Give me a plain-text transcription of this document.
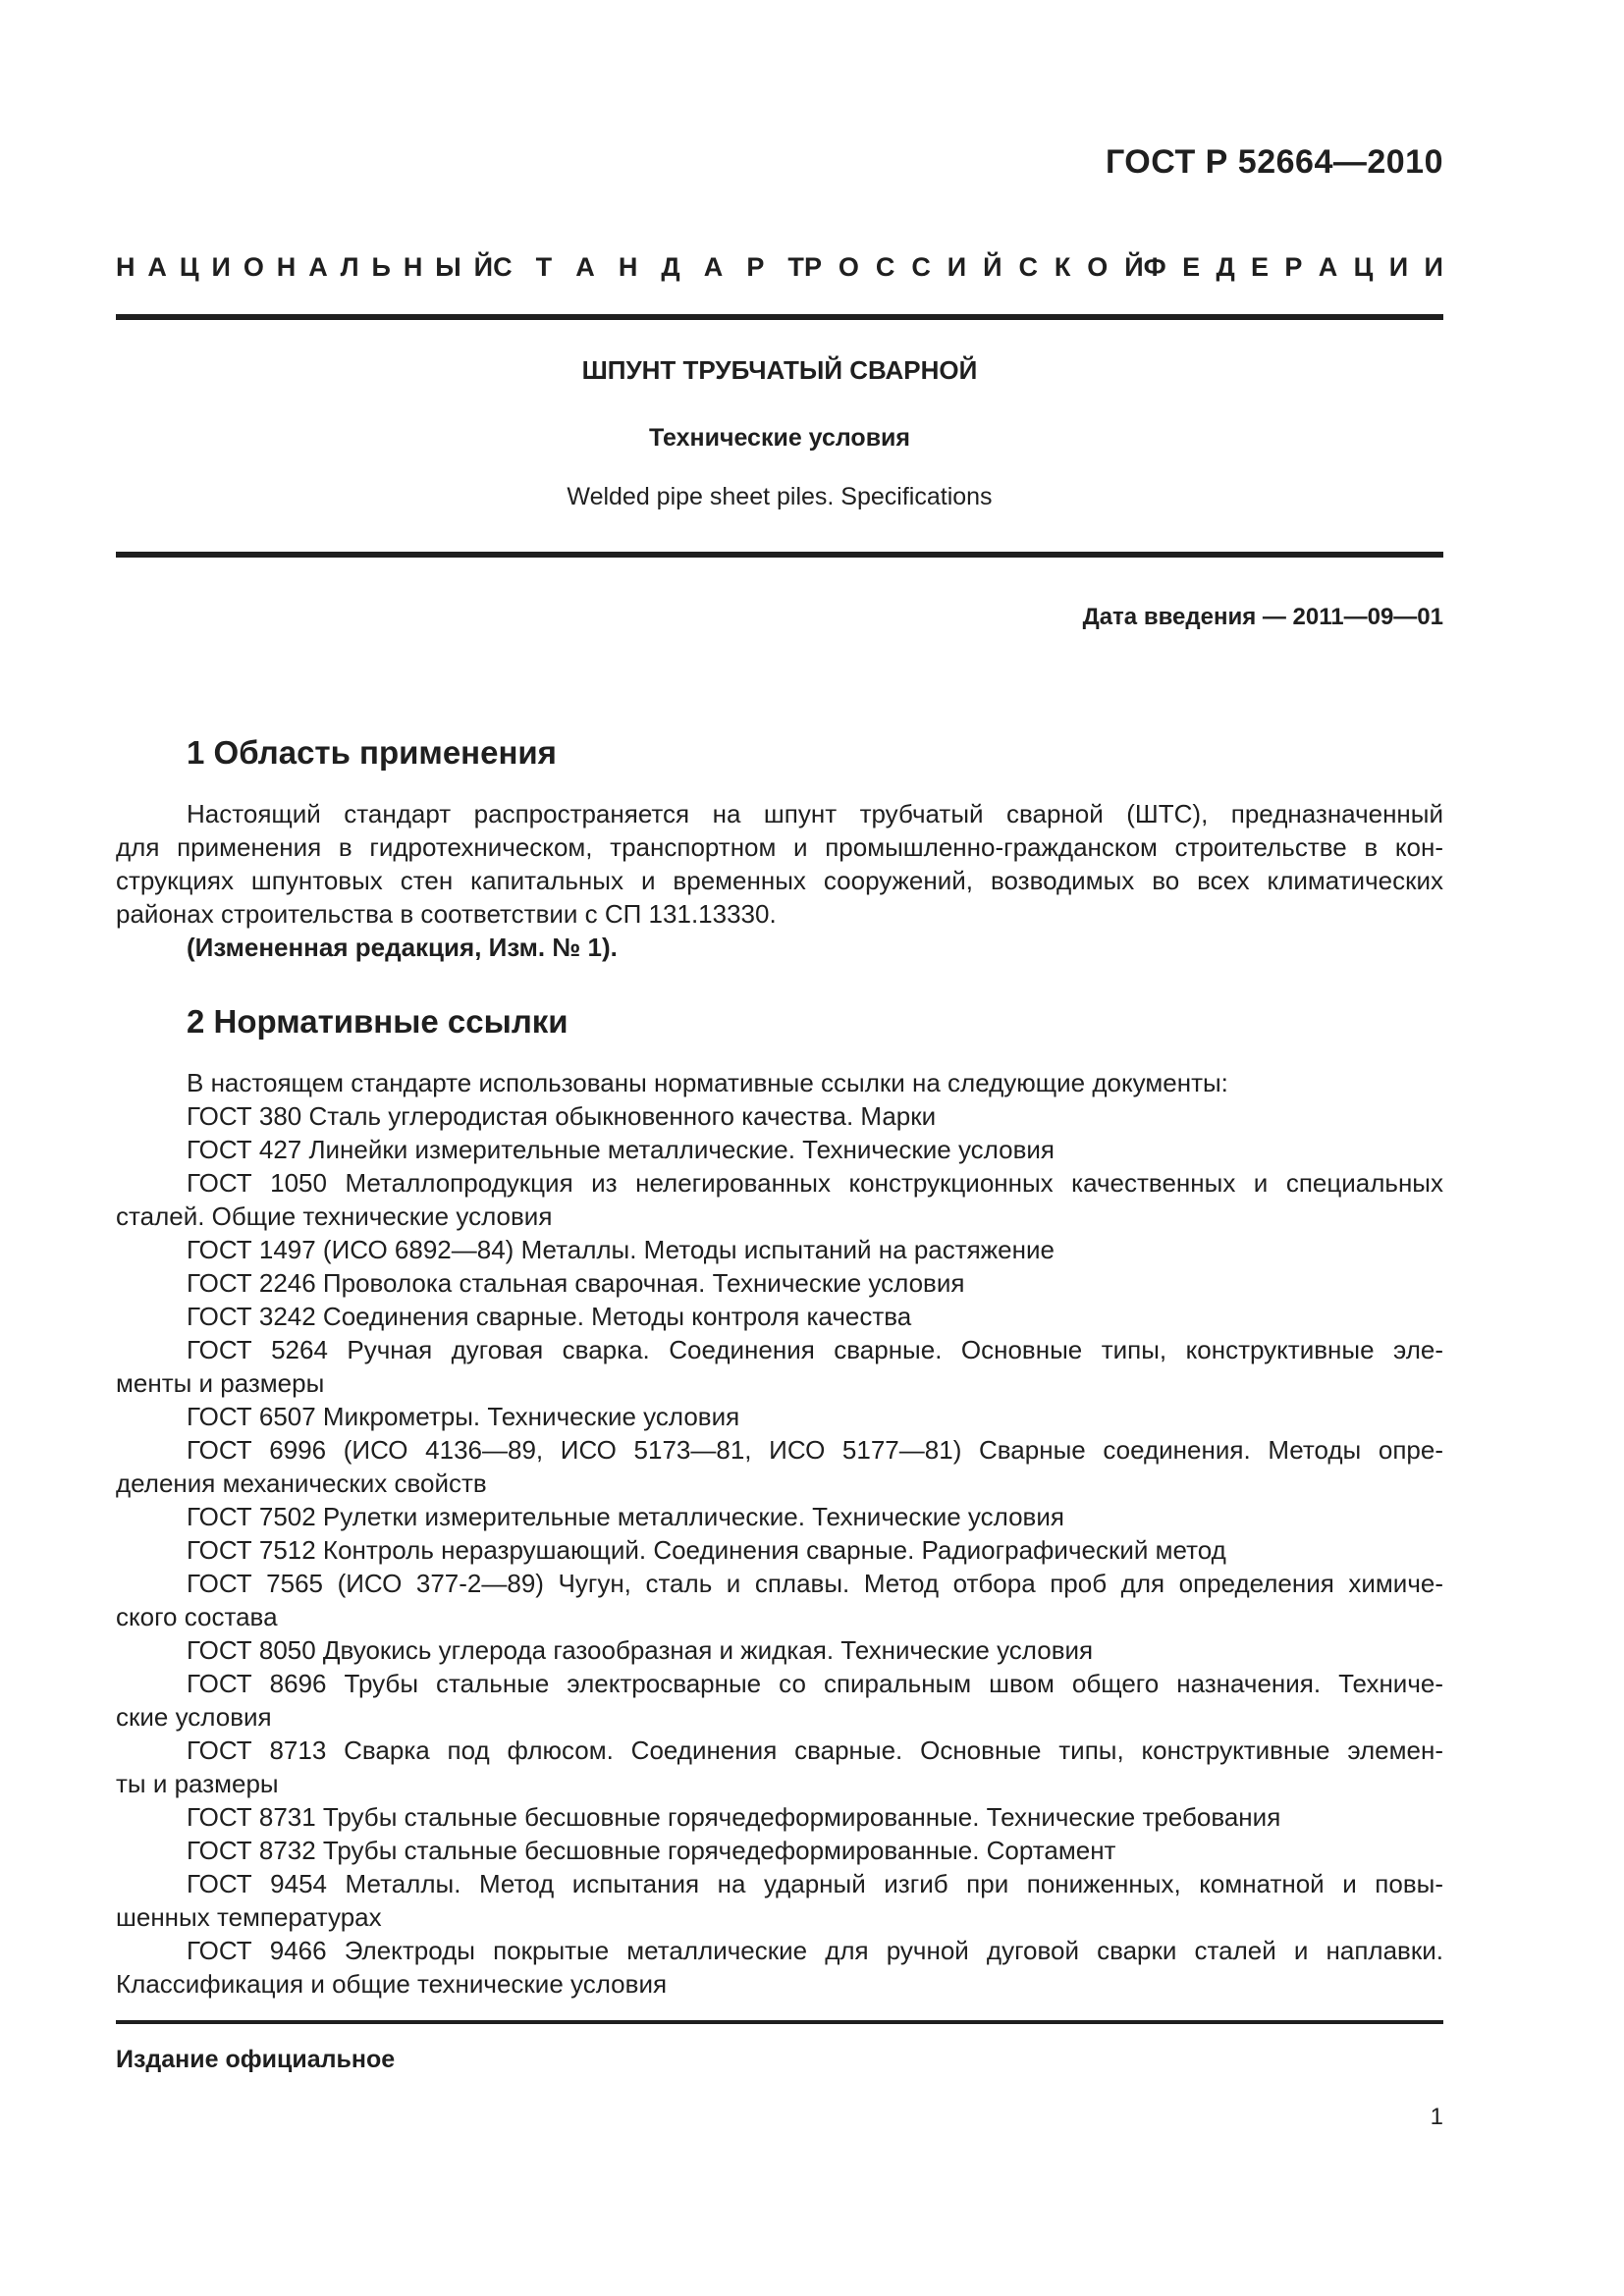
ГОСТ Р 52664—2010
Н А Ц И О Н А Л Ь Н Ы Й С Т А Н Д А Р Т Р О С С И Й С К О Й Ф Е Д Е Р А Ц И И
ШПУНТ ТРУБЧАТЫЙ СВАРНОЙ
Технические условия
Welded pipe sheet piles. Specifications
Дата введения — 2011—09—01
1 Область применения
Настоящий стандарт распространяется на шпунт трубчатый сварной (ШТС), предназначенный
для применения в гидротехническом, транспортном и промышленно-гражданском строительстве в кон-
струкциях шпунтовых стен капитальных и временных сооружений, возводимых во всех климатических
районах строительства в соответствии с СП 131.13330.
(Измененная редакция, Изм. № 1).
2 Нормативные ссылки
В настоящем стандарте использованы нормативные ссылки на следующие документы:
ГОСТ 380 Сталь углеродистая обыкновенного качества. Марки
ГОСТ 427 Линейки измерительные металлические. Технические условия
ГОСТ 1050 Металлопродукция из нелегированных конструкционных качественных и специальных
сталей. Общие технические условия
ГОСТ 1497 (ИСО 6892—84) Металлы. Методы испытаний на растяжение
ГОСТ 2246 Проволока стальная сварочная. Технические условия
ГОСТ 3242 Соединения сварные. Методы контроля качества
ГОСТ 5264 Ручная дуговая сварка. Соединения сварные. Основные типы, конструктивные эле-
менты и размеры
ГОСТ 6507 Микрометры. Технические условия
ГОСТ 6996 (ИСО 4136—89, ИСО 5173—81, ИСО 5177—81) Сварные соединения. Методы опре-
деления механических свойств
ГОСТ 7502 Рулетки измерительные металлические. Технические условия
ГОСТ 7512 Контроль неразрушающий. Соединения сварные. Радиографический метод
ГОСТ 7565 (ИСО 377-2—89) Чугун, сталь и сплавы. Метод отбора проб для определения химиче-
ского состава
ГОСТ 8050 Двуокись углерода газообразная и жидкая. Технические условия
ГОСТ 8696 Трубы стальные электросварные со спиральным швом общего назначения. Техниче-
ские условия
ГОСТ 8713 Сварка под флюсом. Соединения сварные. Основные типы, конструктивные элемен-
ты и размеры
ГОСТ 8731 Трубы стальные бесшовные горячедеформированные. Технические требования
ГОСТ 8732 Трубы стальные бесшовные горячедеформированные. Сортамент
ГОСТ 9454 Металлы. Метод испытания на ударный изгиб при пониженных, комнатной и повы-
шенных температурах
ГОСТ 9466 Электроды покрытые металлические для ручной дуговой сварки сталей и наплавки.
Классификация и общие технические условия
Издание официальное
1
